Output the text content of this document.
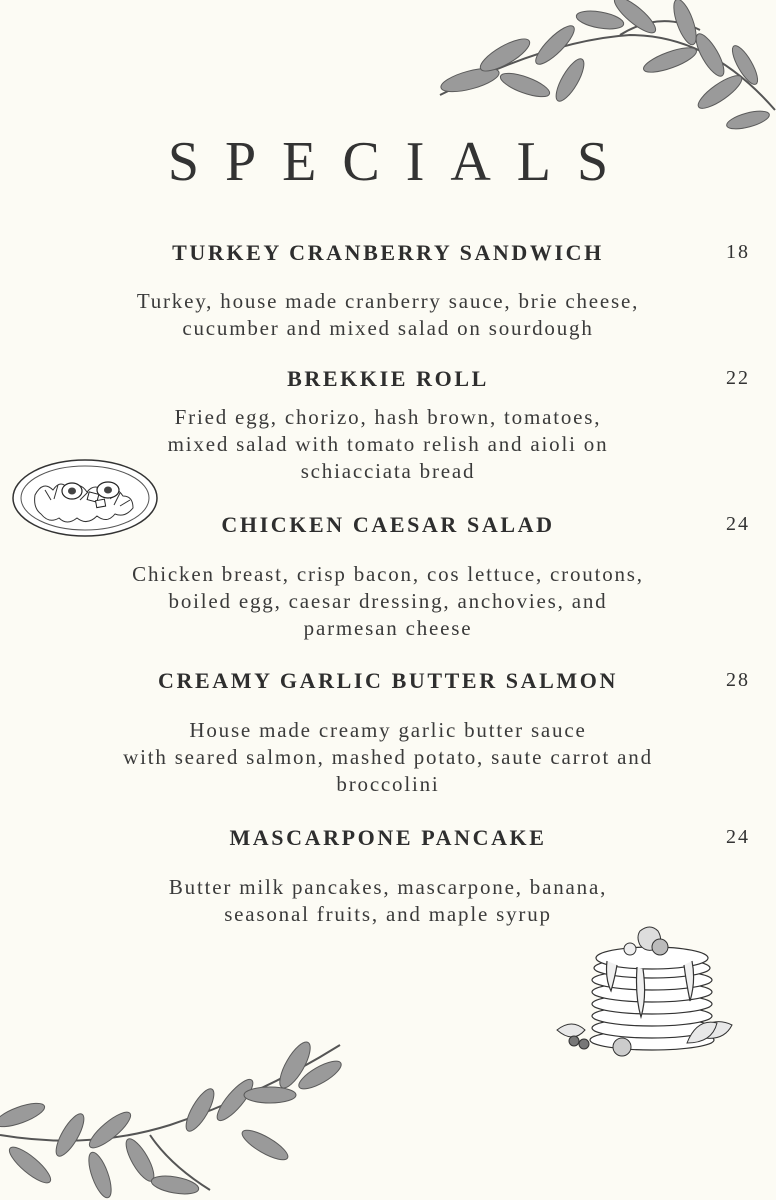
SPECIALS
TURKEY CRANBERRY SANDWICH	18
Turkey, house made cranberry sauce, brie cheese,
cucumber and mixed salad on sourdough
BREKKIE ROLL	22
Fried egg, chorizo, hash brown, tomatoes,
mixed salad with tomato relish and aioli on
schiacciata bread
CHICKEN CAESAR SALAD	24
Chicken breast, crisp bacon, cos lettuce, croutons,
boiled egg, caesar dressing, anchovies, and
parmesan cheese
CREAMY GARLIC BUTTER SALMON	28
House made creamy garlic butter sauce
with seared salmon, mashed potato, saute carrot and
broccolini
MASCARPONE PANCAKE	24
Butter milk pancakes, mascarpone, banana,
seasonal fruits, and maple syrup
